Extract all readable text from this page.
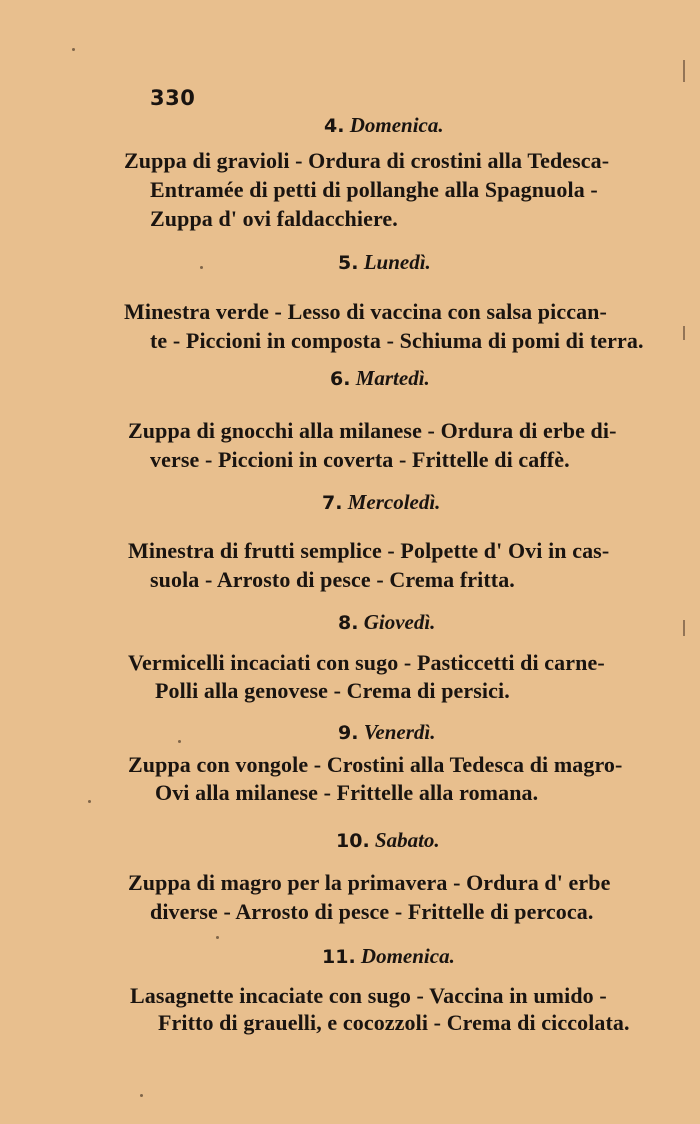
330
4. Domenica.
Zuppa di gravioli - Ordura di crostini alla Tedesca-
Entramée di petti di pollanghe alla Spagnuola -
Zuppa d' ovi faldacchiere.
5. Lunedì.
Minestra verde - Lesso di vaccina con salsa piccan-
te - Piccioni in composta - Schiuma di pomi di terra.
6. Martedì.
Zuppa di gnocchi alla milanese - Ordura di erbe di-
verse - Piccioni in coverta - Frittelle di caffè.
7. Mercoledì.
Minestra di frutti semplice - Polpette d' Ovi in cas-
suola - Arrosto di pesce - Crema fritta.
8. Giovedì.
Vermicelli incaciati con sugo - Pasticcetti di carne-
Polli alla genovese - Crema di persici.
9. Venerdì.
Zuppa con vongole - Crostini alla Tedesca di magro-
Ovi alla milanese - Frittelle alla romana.
10. Sabato.
Zuppa di magro per la primavera - Ordura d' erbe
diverse - Arrosto di pesce - Frittelle di percoca.
11. Domenica.
Lasagnette incaciate con sugo - Vaccina in umido -
Fritto di grauelli, e cocozzoli - Crema di ciccolata.
